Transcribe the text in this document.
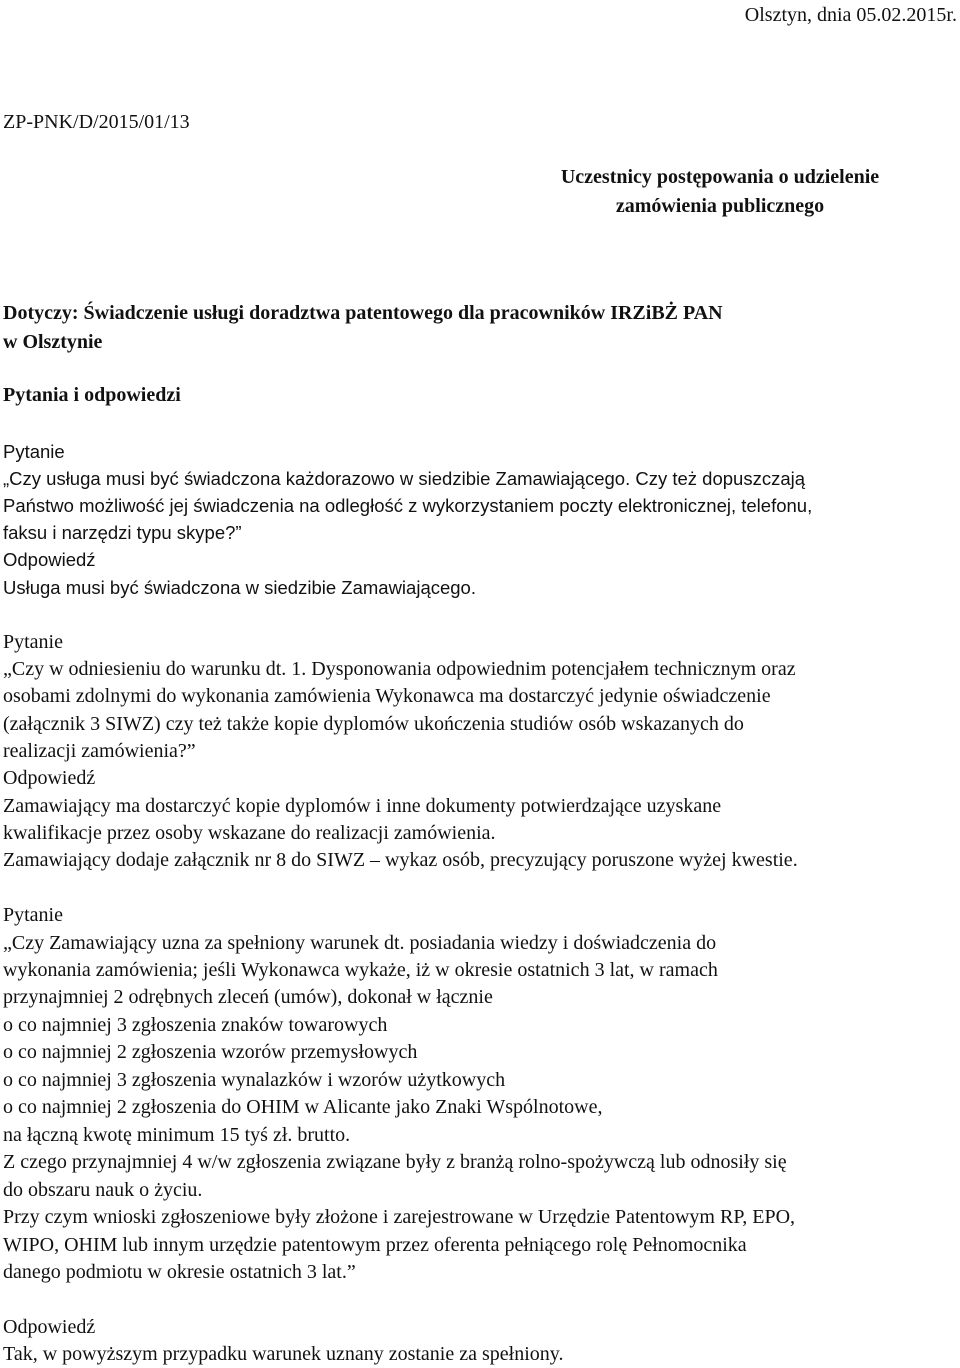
Olsztyn, dnia 05.02.2015r.
ZP-PNK/D/2015/01/13
Uczestnicy postępowania o udzielenie
zamówienia publicznego
Dotyczy: Świadczenie usługi doradztwa patentowego dla pracowników IRZiBŻ PAN
w Olsztynie
Pytania i odpowiedzi
Pytanie
„Czy usługa musi być świadczona każdorazowo w siedzibie Zamawiającego. Czy też dopuszczają
Państwo możliwość jej świadczenia na odległość z wykorzystaniem poczty elektronicznej, telefonu,
faksu i narzędzi typu skype?”
Odpowiedź
Usługa musi być świadczona w siedzibie Zamawiającego.
Pytanie
„Czy w odniesieniu do warunku dt. 1. Dysponowania odpowiednim potencjałem technicznym oraz
osobami zdolnymi do wykonania zamówienia Wykonawca ma dostarczyć jedynie oświadczenie
(załącznik 3 SIWZ) czy też także kopie dyplomów ukończenia studiów osób wskazanych do
realizacji zamówienia?”
Odpowiedź
Zamawiający ma dostarczyć kopie dyplomów i inne dokumenty potwierdzające uzyskane
kwalifikacje przez osoby wskazane do realizacji zamówienia.
Zamawiający dodaje załącznik nr 8 do SIWZ – wykaz osób, precyzujący poruszone wyżej kwestie.
Pytanie
„Czy Zamawiający uzna za spełniony warunek dt. posiadania wiedzy i doświadczenia do
wykonania zamówienia; jeśli Wykonawca wykaże, iż w okresie ostatnich 3 lat, w ramach
przynajmniej 2 odrębnych zleceń (umów), dokonał w łącznie
o co najmniej 3 zgłoszenia znaków towarowych
o co najmniej 2 zgłoszenia wzorów przemysłowych
o co najmniej 3 zgłoszenia wynalazków i wzorów użytkowych
o co najmniej 2 zgłoszenia do OHIM w Alicante jako Znaki Wspólnotowe,
na łączną kwotę minimum 15 tyś zł. brutto.
Z czego przynajmniej 4 w/w zgłoszenia związane były z branżą rolno-spożywczą lub odnosiły się
do obszaru nauk o życiu.
Przy czym wnioski zgłoszeniowe były złożone i zarejestrowane w Urzędzie Patentowym RP, EPO,
WIPO, OHIM lub innym urzędzie patentowym przez oferenta pełniącego rolę Pełnomocnika
danego podmiotu w okresie ostatnich 3 lat.”
Odpowiedź
Tak, w powyższym przypadku warunek uznany zostanie za spełniony.
